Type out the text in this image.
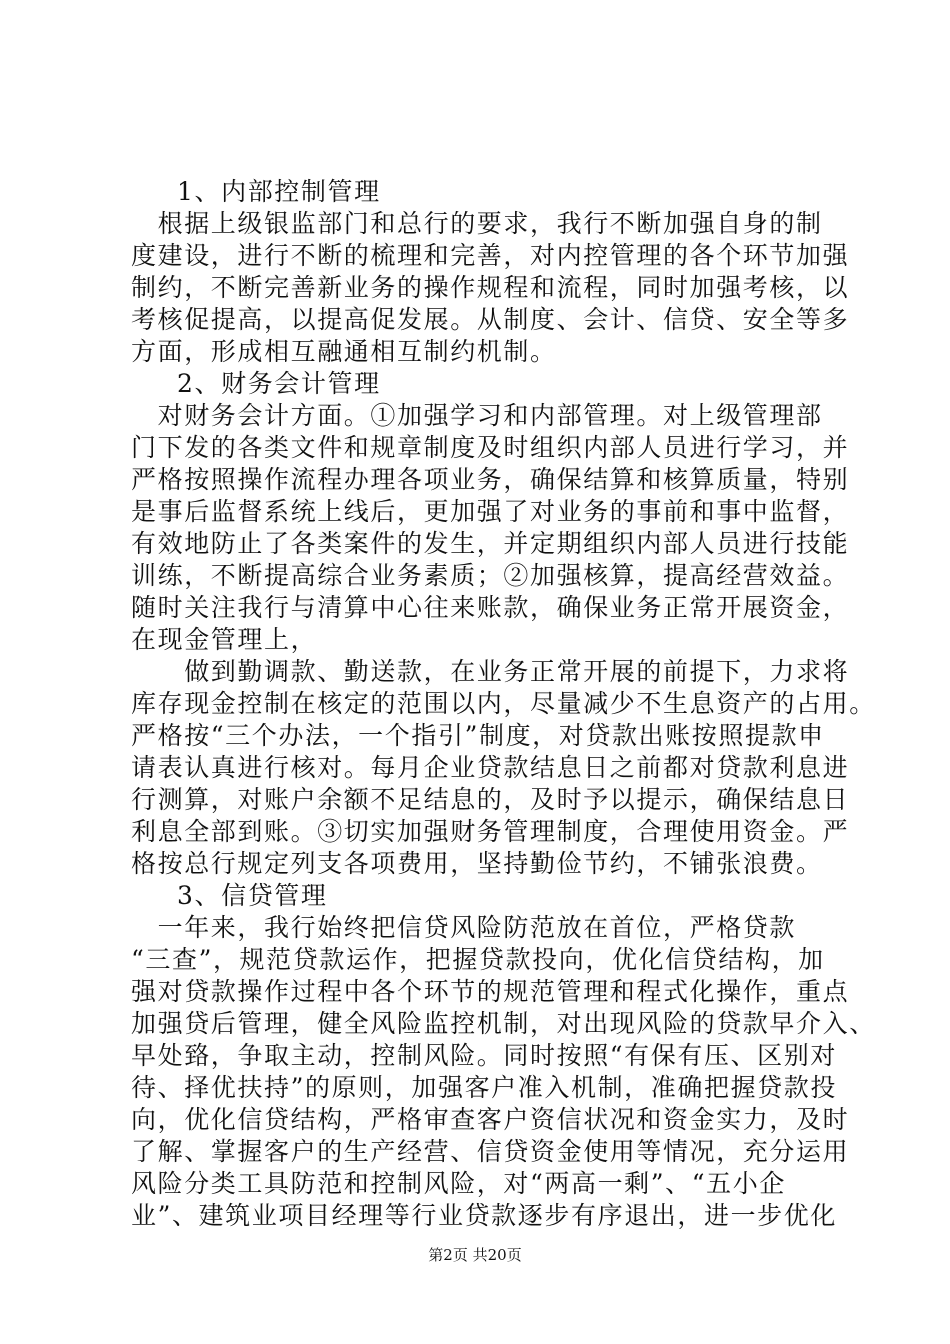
1、内部控制管理
　根据上级银监部门和总行的要求，我行不断加强自身的制
度建设，进行不断的梳理和完善，对内控管理的各个环节加强
制约，不断完善新业务的操作规程和流程，同时加强考核，以
考核促提高，以提高促发展。从制度、会计、信贷、安全等多
方面，形成相互融通相互制约机制。
2、财务会计管理
　对财务会计方面。①加强学习和内部管理。对上级管理部
门下发的各类文件和规章制度及时组织内部人员进行学习，并
严格按照操作流程办理各项业务，确保结算和核算质量，特别
是事后监督系统上线后，更加强了对业务的事前和事中监督，
有效地防止了各类案件的发生，并定期组织内部人员进行技能
训练，不断提高综合业务素质；②加强核算，提高经营效益。
随时关注我行与清算中心往来账款，确保业务正常开展资金，
在现金管理上，
　　做到勤调款、勤送款，在业务正常开展的前提下，力求将
库存现金控制在核定的范围以内，尽量减少不生息资产的占用。
严格按“三个办法，一个指引”制度，对贷款出账按照提款申
请表认真进行核对。每月企业贷款结息日之前都对贷款利息进
行测算，对账户余额不足结息的，及时予以提示，确保结息日
利息全部到账。③切实加强财务管理制度，合理使用资金。严
格按总行规定列支各项费用，坚持勤俭节约，不铺张浪费。
3、信贷管理
　一年来，我行始终把信贷风险防范放在首位，严格贷款
“三查”，规范贷款运作，把握贷款投向，优化信贷结构，加
强对贷款操作过程中各个环节的规范管理和程式化操作，重点
加强贷后管理，健全风险监控机制，对出现风险的贷款早介入、
早处臵，争取主动，控制风险。同时按照“有保有压、区别对
待、择优扶持”的原则，加强客户准入机制，准确把握贷款投
向，优化信贷结构，严格审查客户资信状况和资金实力，及时
了解、掌握客户的生产经营、信贷资金使用等情况，充分运用
风险分类工具防范和控制风险，对“两高一剩”、“五小企
业”、建筑业项目经理等行业贷款逐步有序退出，进一步优化
第2页 共20页
